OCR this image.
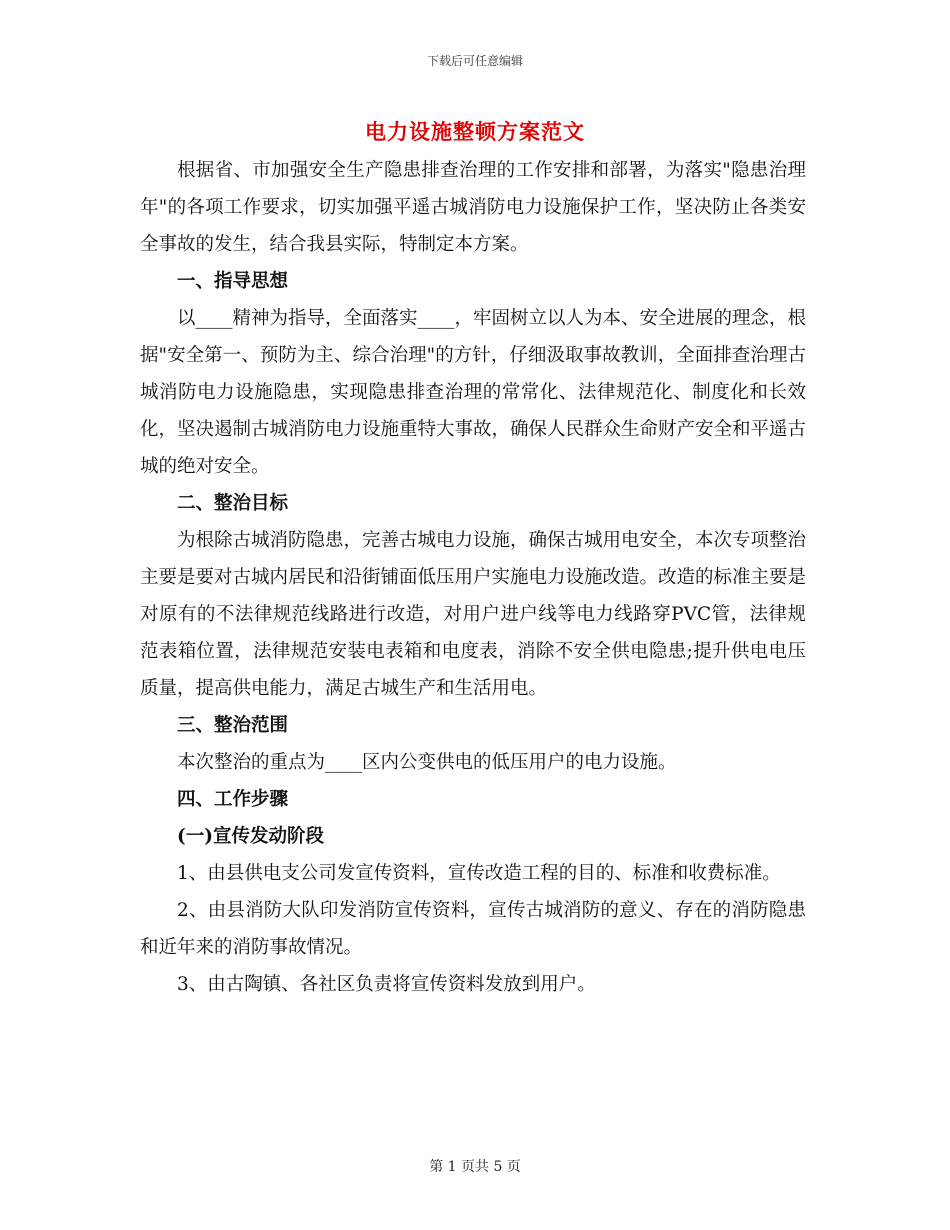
下载后可任意编辑
电力设施整顿方案范文

根据省、市加强安全生产隐患排查治理的工作安排和部署，为落实"隐患治理年"的各项工作要求，切实加强平遥古城消防电力设施保护工作，坚决防止各类安全事故的发生，结合我县实际，特制定本方案。

一、指导思想

以____精神为指导，全面落实____，牢固树立以人为本、安全进展的理念，根据"安全第一、预防为主、综合治理"的方针，仔细汲取事故教训，全面排查治理古城消防电力设施隐患，实现隐患排查治理的常常化、法律规范化、制度化和长效化，坚决遏制古城消防电力设施重特大事故，确保人民群众生命财产安全和平遥古城的绝对安全。

二、整治目标

为根除古城消防隐患，完善古城电力设施，确保古城用电安全，本次专项整治主要是要对古城内居民和沿街铺面低压用户实施电力设施改造。改造的标准主要是对原有的不法律规范线路进行改造，对用户进户线等电力线路穿PVC管，法律规范表箱位置，法律规范安装电表箱和电度表，消除不安全供电隐患;提升供电电压质量，提高供电能力，满足古城生产和生活用电。

三、整治范围

本次整治的重点为____区内公变供电的低压用户的电力设施。

四、工作步骤

(一)宣传发动阶段

1、由县供电支公司发宣传资料，宣传改造工程的目的、标准和收费标准。

2、由县消防大队印发消防宣传资料，宣传古城消防的意义、存在的消防隐患和近年来的消防事故情况。

3、由古陶镇、各社区负责将宣传资料发放到用户。

第 1 页共 5 页
